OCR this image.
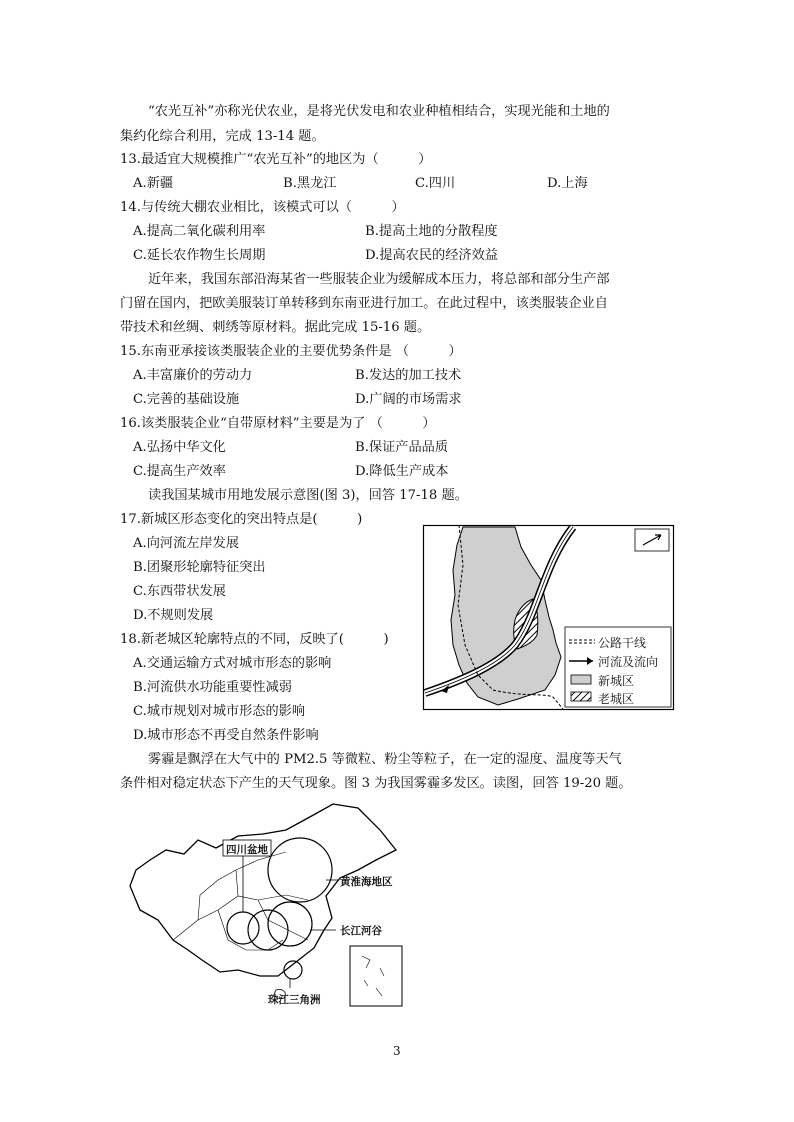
“农光互补”亦称光伏农业，是将光伏发电和农业种植相结合，实现光能和土地的
集约化综合利用，完成 13-14 题。
13.最适宜大规模推广“农光互补”的地区为（　　　）
A.新疆	B.黑龙江	C.四川	D.上海
14.与传统大棚农业相比，该模式可以（　　　）
A.提高二氧化碳利用率	B.提高土地的分散程度
C.延长农作物生长周期	D.提高农民的经济效益
近年来，我国东部沿海某省一些服装企业为缓解成本压力，将总部和部分生产部
门留在国内，把欧美服装订单转移到东南亚进行加工。在此过程中，该类服装企业自
带技术和丝绸、刺绣等原材料。据此完成 15-16 题。
15.东南亚承接该类服装企业的主要优势条件是 （　　　）
A.丰富廉价的劳动力	B.发达的加工技术
C.完善的基础设施	D.广阔的市场需求
16.该类服装企业“自带原材料”主要是为了 （　　　）
A.弘扬中华文化	B.保证产品品质
C.提高生产效率	D.降低生产成本
读我国某城市用地发展示意图(图 3)，回答 17-18 题。
17.新城区形态变化的突出特点是(　　　)
A.向河流左岸发展
B.团聚形轮廓特征突出
C.东西带状发展
D.不规则发展
18.新老城区轮廓特点的不同，反映了(　　　)
A.交通运输方式对城市形态的影响
B.河流供水功能重要性减弱
C.城市规划对城市形态的影响
D.城市形态不再受自然条件影响
公路干线
河流及流向
新城区
老城区
雾霾是飘浮在大气中的 PM2.5 等微粒、粉尘等粒子，在一定的湿度、温度等天气
条件相对稳定状态下产生的天气现象。图 3 为我国雾霾多发区。读图，回答 19-20 题。
四川盆地
黄淮海地区
长江河谷
珠江三角洲
3
